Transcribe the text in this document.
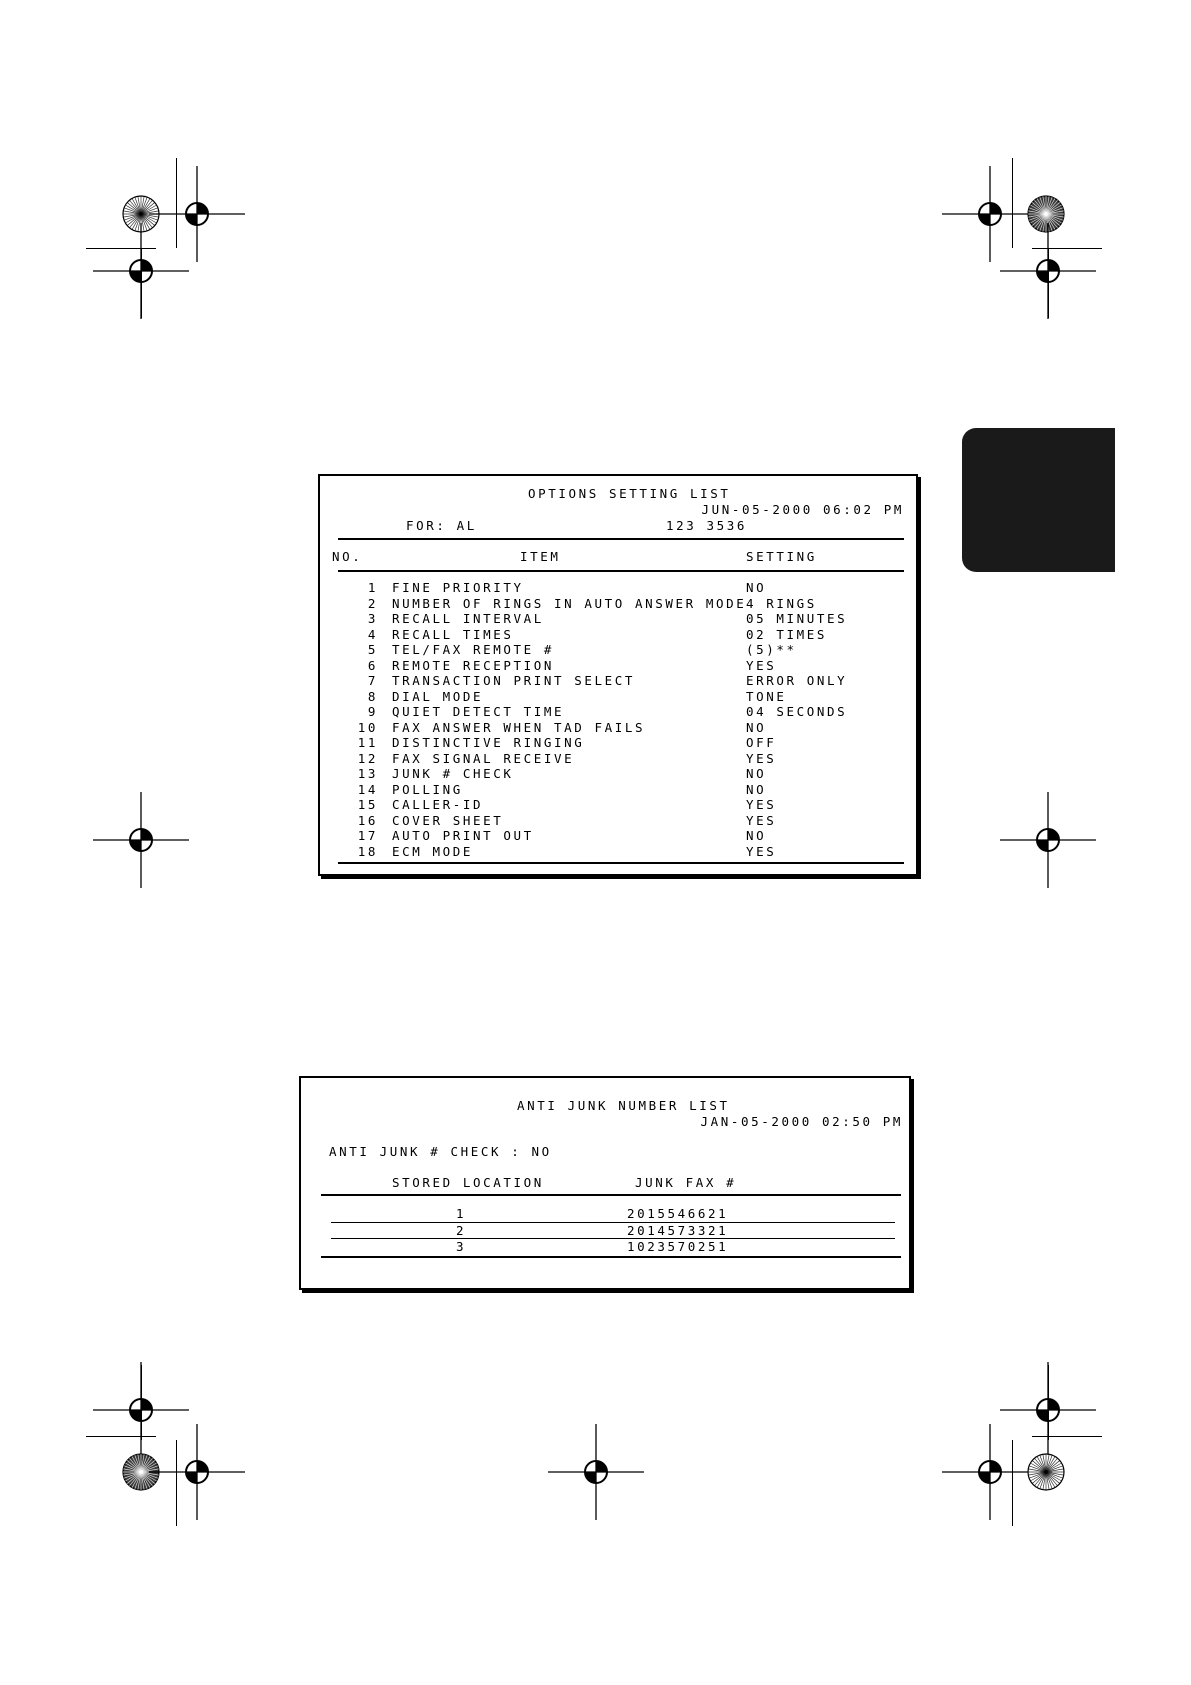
OPTIONS SETTING LIST
JUN-05-2000 06:02 PM
FOR: AL	123 3536
NO.	ITEM	SETTING
1 FINE PRIORITY	NO
2 NUMBER OF RINGS IN AUTO ANSWER MODE 4 RINGS
3 RECALL INTERVAL	05 MINUTES
4 RECALL TIMES	02 TIMES
5 TEL/FAX REMOTE #	(5)**
6 REMOTE RECEPTION	YES
7 TRANSACTION PRINT SELECT	ERROR ONLY
8 DIAL MODE	TONE
9 QUIET DETECT TIME	04 SECONDS
10 FAX ANSWER WHEN TAD FAILS	NO
11 DISTINCTIVE RINGING	OFF
12 FAX SIGNAL RECEIVE	YES
13 JUNK # CHECK	NO
14 POLLING	NO
15 CALLER-ID	YES
16 COVER SHEET	YES
17 AUTO PRINT OUT	NO
18 ECM MODE	YES
ANTI JUNK NUMBER LIST
JAN-05-2000 02:50 PM
ANTI JUNK # CHECK : NO
STORED LOCATION	JUNK FAX #
1	2015546621
2	2014573321
3	1023570251
